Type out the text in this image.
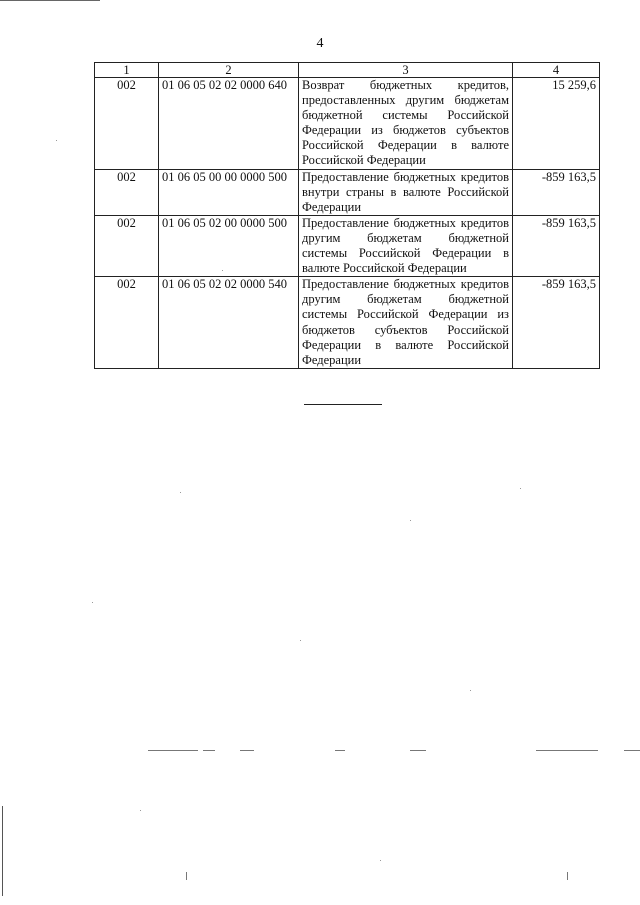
4
1	2	3	4
002	01 06 05 02 02 0000 640	Возврат бюджетных кредитов, предоставленных другим бюджетам бюджетной системы Российской Федерации из бюджетов субъектов Российской Федерации в валюте Российской Федерации	15 259,6
002	01 06 05 00 00 0000 500	Предоставление бюджетных кредитов внутри страны в валюте Российской Федерации	-859 163,5
002	01 06 05 02 00 0000 500	Предоставление бюджетных кредитов другим бюджетам бюджетной системы Российской Федерации в валюте Российской Федерации	-859 163,5
002	01 06 05 02 02 0000 540	Предоставление бюджетных кредитов другим бюджетам бюджетной системы Российской Федерации из бюджетов субъектов Российской Федерации в валюте Российской Федерации	-859 163,5
